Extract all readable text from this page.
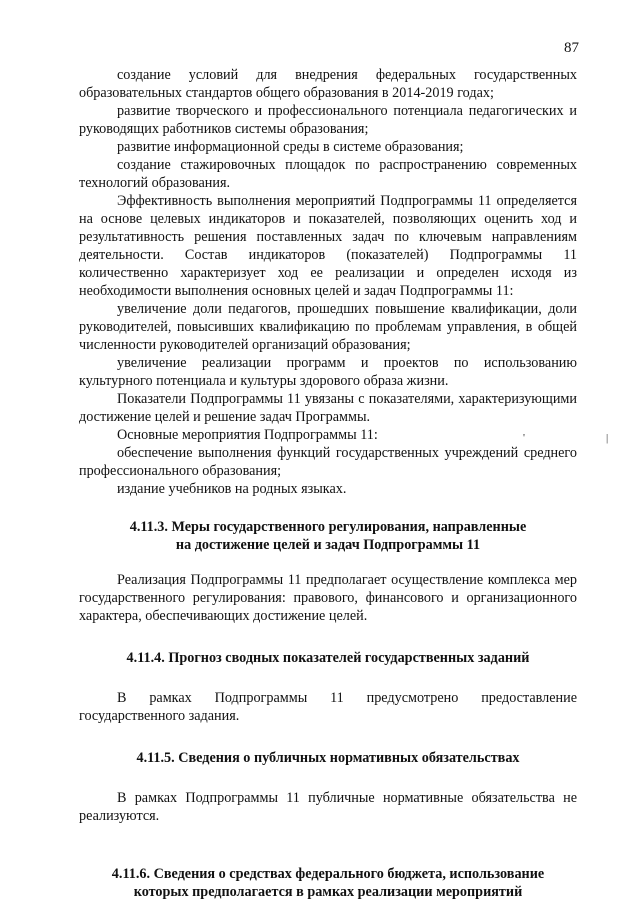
87
'	|

создание условий для внедрения федеральных государственных образовательных стандартов общего образования в 2014-2019 годах;

развитие творческого и профессионального потенциала педагогических и руководящих работников системы образования;

развитие информационной среды в системе образования;

создание стажировочных площадок по распространению современных технологий образования.

Эффективность выполнения мероприятий Подпрограммы 11 определяется на основе целевых индикаторов и показателей, позволяющих оценить ход и результативность решения поставленных задач по ключевым направлениям деятельности. Состав индикаторов (показателей) Подпрограммы 11 количественно характеризует ход ее реализации и определен исходя из необходимости выполнения основных целей и задач Подпрограммы 11:

увеличение доли педагогов, прошедших повышение квалификации, доли руководителей, повысивших квалификацию по проблемам управления, в общей численности руководителей организаций образования;

увеличение реализации программ и проектов по использованию культурного потенциала и культуры здорового образа жизни.

Показатели Подпрограммы 11 увязаны с показателями, характеризующими достижение целей и решение задач Программы.

Основные мероприятия Подпрограммы 11:

обеспечение выполнения функций государственных учреждений среднего профессионального образования;

издание учебников на родных языках.

4.11.3. Меры государственного регулирования, направленные
на достижение целей и задач Подпрограммы 11

Реализация Подпрограммы 11 предполагает осуществление комплекса мер государственного регулирования: правового, финансового и организационного характера, обеспечивающих достижение целей.

4.11.4. Прогноз сводных показателей государственных заданий

В рамках Подпрограммы 11 предусмотрено предоставление государственного задания.

4.11.5. Сведения о публичных нормативных обязательствах

В рамках Подпрограммы 11 публичные нормативные обязательства не реализуются.

4.11.6. Сведения о средствах федерального бюджета, использование
которых предполагается в рамках реализации мероприятий
